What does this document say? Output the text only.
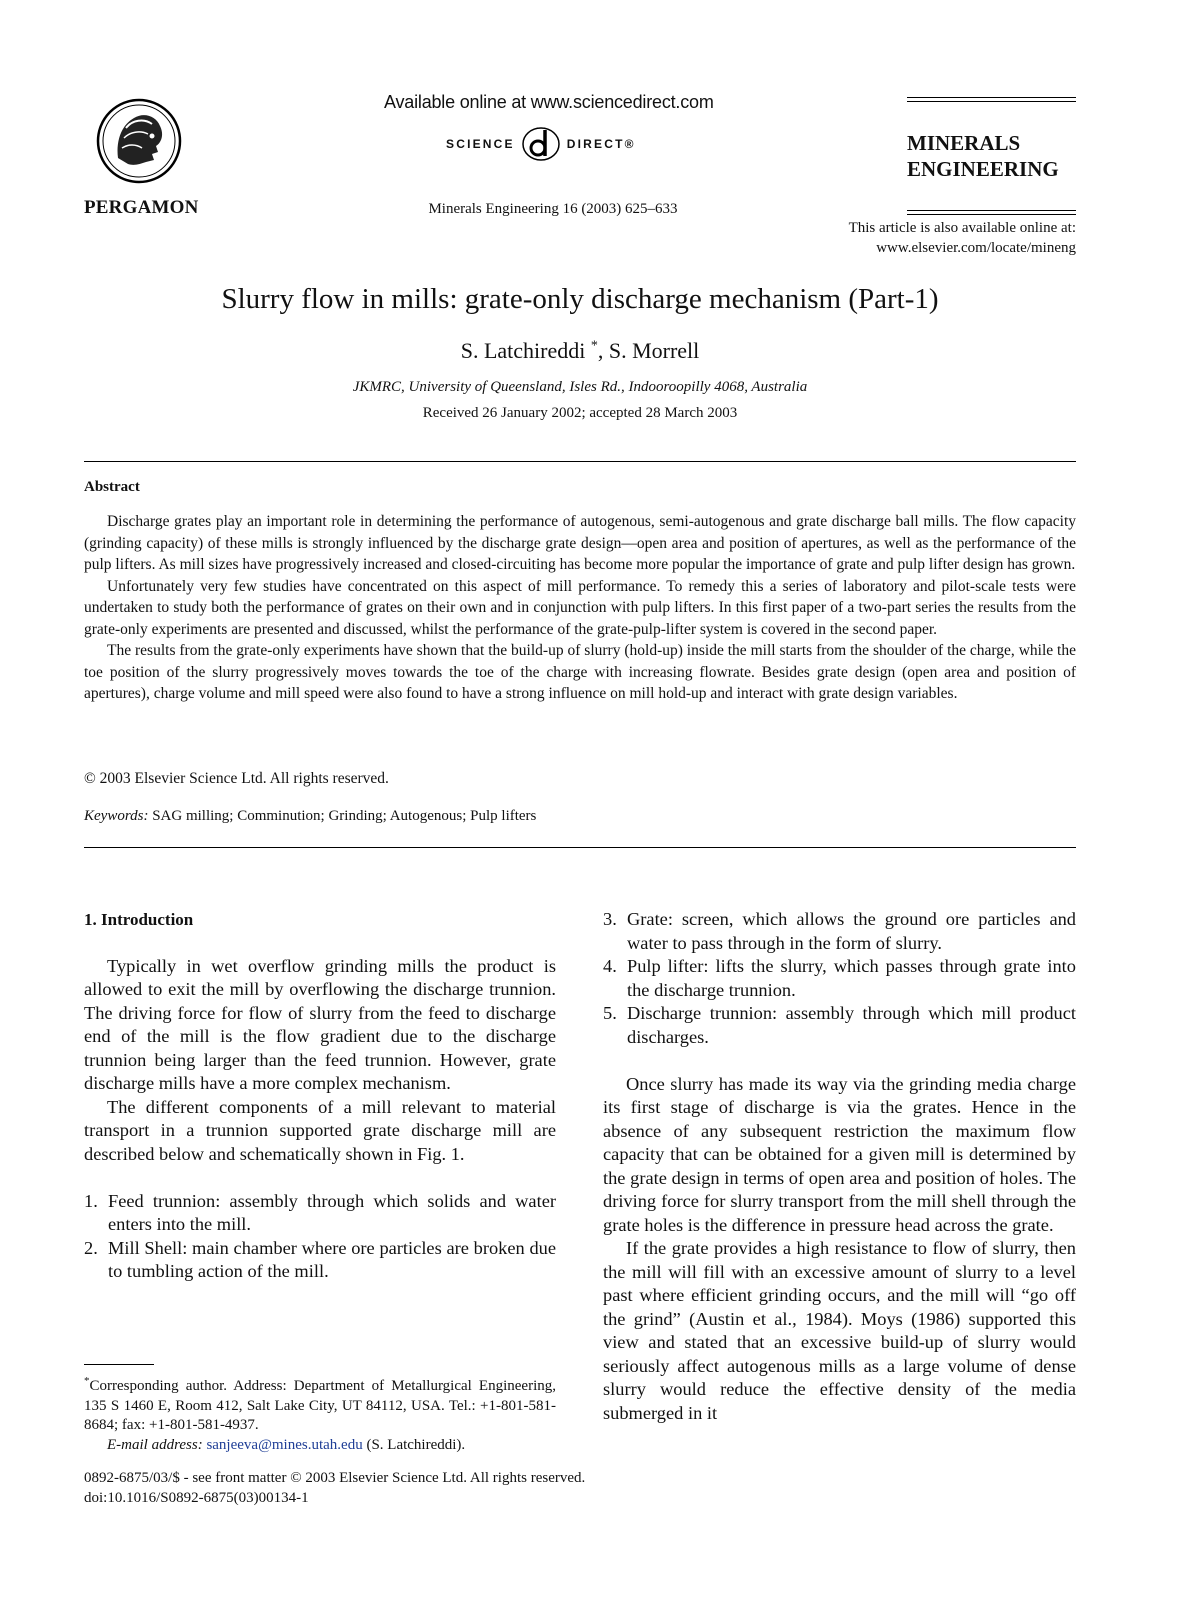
PERGAMON
Available online at www.sciencedirect.com
SCIENCE	DIRECT®
Minerals Engineering 16 (2003) 625–633
MINERALS
ENGINEERING
This article is also available online at:
www.elsevier.com/locate/mineng
Slurry flow in mills: grate-only discharge mechanism (Part-1)
S. Latchireddi *, S. Morrell
JKMRC, University of Queensland, Isles Rd., Indooroopilly 4068, Australia
Received 26 January 2002; accepted 28 March 2003
Abstract

Discharge grates play an important role in determining the performance of autogenous, semi-autogenous and grate discharge ball mills. The flow capacity (grinding capacity) of these mills is strongly influenced by the discharge grate design—open area and position of apertures, as well as the performance of the pulp lifters. As mill sizes have progressively increased and closed-circuiting has become more popular the importance of grate and pulp lifter design has grown.

Unfortunately very few studies have concentrated on this aspect of mill performance. To remedy this a series of laboratory and pilot-scale tests were undertaken to study both the performance of grates on their own and in conjunction with pulp lifters. In this first paper of a two-part series the results from the grate-only experiments are presented and discussed, whilst the performance of the grate-pulp-lifter system is covered in the second paper.

The results from the grate-only experiments have shown that the build-up of slurry (hold-up) inside the mill starts from the shoulder of the charge, while the toe position of the slurry progressively moves towards the toe of the charge with increasing flowrate. Besides grate design (open area and position of apertures), charge volume and mill speed were also found to have a strong influence on mill hold-up and interact with grate design variables.

© 2003 Elsevier Science Ltd. All rights reserved.
Keywords: SAG milling; Comminution; Grinding; Autogenous; Pulp lifters
1. Introduction

Typically in wet overflow grinding mills the product is allowed to exit the mill by overflowing the discharge trunnion. The driving force for flow of slurry from the feed to discharge end of the mill is the flow gradient due to the discharge trunnion being larger than the feed trunnion. However, grate discharge mills have a more complex mechanism.

The different components of a mill relevant to material transport in a trunnion supported grate discharge mill are described below and schematically shown in Fig. 1.

1. Feed trunnion: assembly through which solids and water enters into the mill.
2. Mill Shell: main chamber where ore particles are broken due to tumbling action of the mill.
3. Grate: screen, which allows the ground ore particles and water to pass through in the form of slurry.
4. Pulp lifter: lifts the slurry, which passes through grate into the discharge trunnion.
5. Discharge trunnion: assembly through which mill product discharges.

Once slurry has made its way via the grinding media charge its first stage of discharge is via the grates. Hence in the absence of any subsequent restriction the maximum flow capacity that can be obtained for a given mill is determined by the grate design in terms of open area and position of holes. The driving force for slurry transport from the mill shell through the grate holes is the difference in pressure head across the grate.

If the grate provides a high resistance to flow of slurry, then the mill will fill with an excessive amount of slurry to a level past where efficient grinding occurs, and the mill will “go off the grind” (Austin et al., 1984). Moys (1986) supported this view and stated that an excessive build-up of slurry would seriously affect autogenous mills as a large volume of dense slurry would reduce the effective density of the media submerged in it

*Corresponding author. Address: Department of Metallurgical Engineering, 135 S 1460 E, Room 412, Salt Lake City, UT 84112, USA. Tel.: +1-801-581-8684; fax: +1-801-581-4937.
E-mail address: sanjeeva@mines.utah.edu (S. Latchireddi).
0892-6875/03/$ - see front matter © 2003 Elsevier Science Ltd. All rights reserved.
doi:10.1016/S0892-6875(03)00134-1
